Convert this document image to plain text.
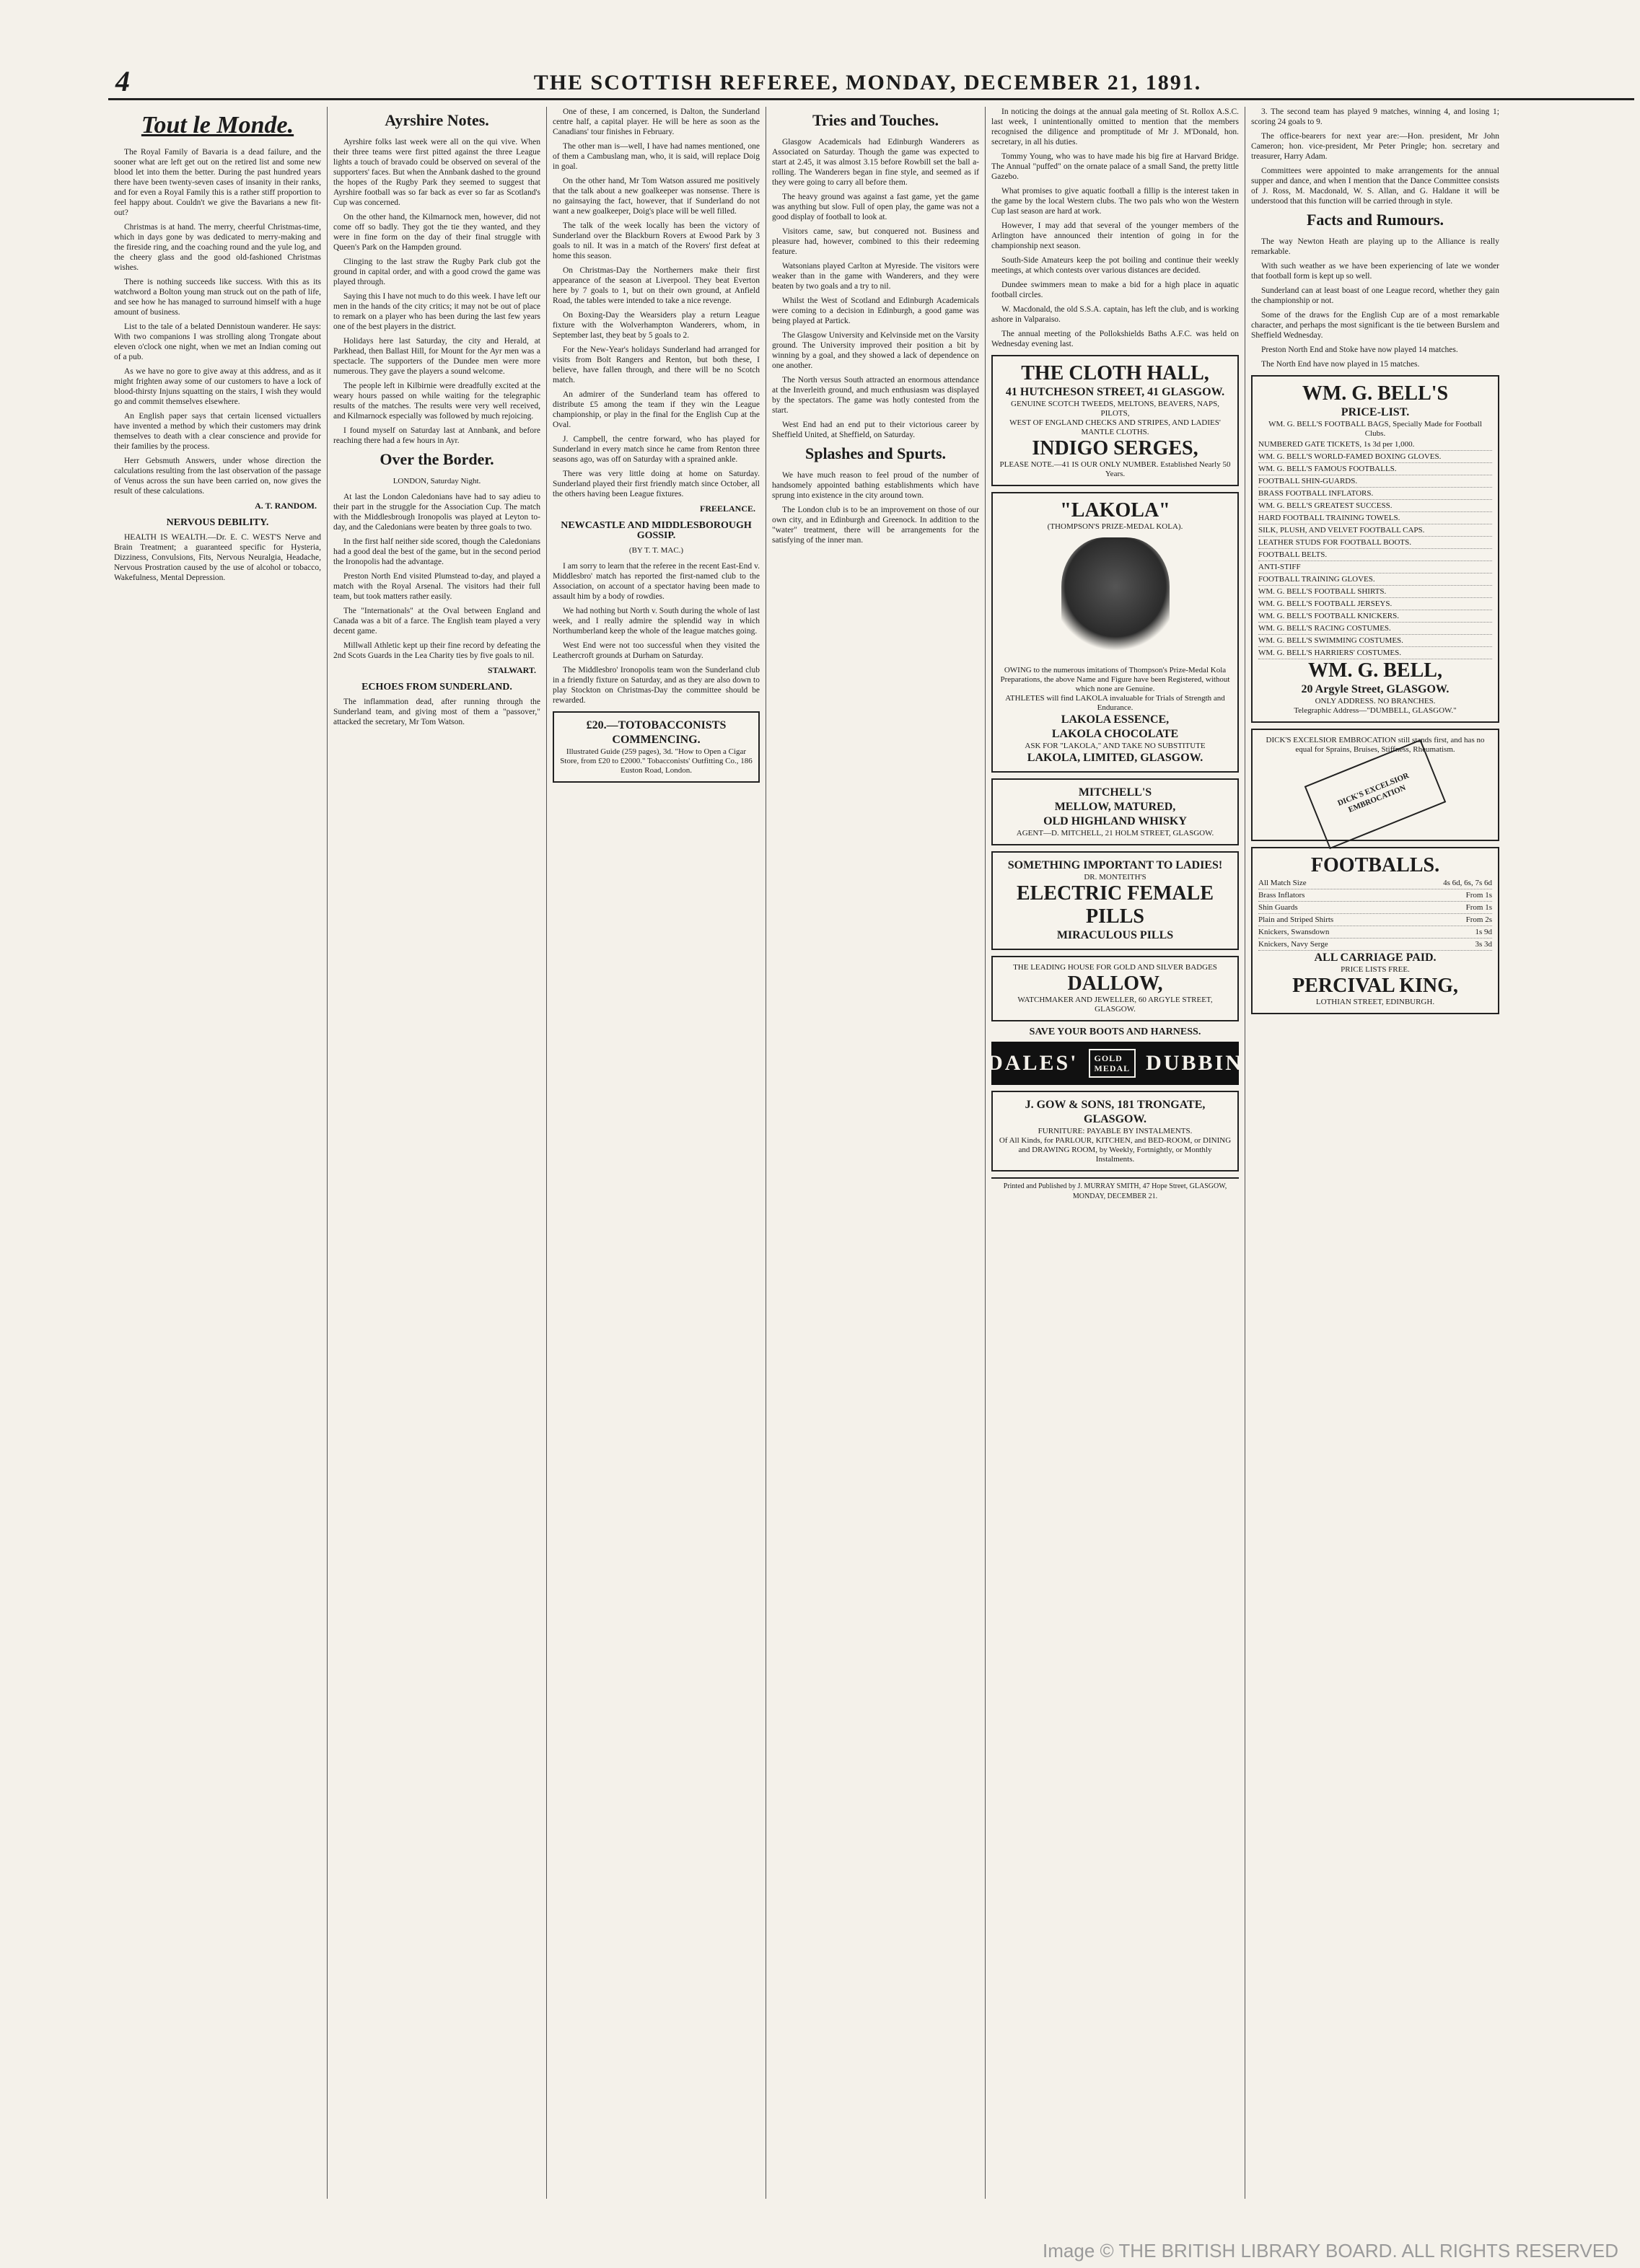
4	THE SCOTTISH REFEREE, MONDAY, DECEMBER 21, 1891.
Tout le Monde.

The Royal Family of Bavaria is a dead failure, and the sooner what are left get out on the retired list and some new blood let into them the better. During the past hundred years there have been twenty-seven cases of insanity in their ranks, and for even a Royal Family this is a rather stiff proportion to feel happy about. Couldn't we give the Bavarians a new fit-out?

Christmas is at hand. The merry, cheerful Christmas-time, which in days gone by was dedicated to merry-making and the fireside ring, and the coaching round and the yule log, and the cheery glass and the good old-fashioned Christmas wishes.

There is nothing succeeds like success. With this as its watchword a Bolton young man struck out on the path of life, and see how he has managed to surround himself with a huge amount of business.

List to the tale of a belated Dennistoun wanderer. He says: With two companions I was strolling along Trongate about eleven o'clock one night, when we met an Indian coming out of a pub.

As we have no gore to give away at this address, and as it might frighten away some of our customers to have a lock of blood-thirsty Injuns squatting on the stairs, I wish they would go and commit themselves elsewhere.

An English paper says that certain licensed victuallers have invented a method by which their customers may drink themselves to death with a clear conscience and provide for their families by the process.

Herr Gebsmuth Answers, under whose direction the calculations resulting from the last observation of the passage of Venus across the sun have been carried on, now gives the result of these calculations.

A. T. RANDOM.
NERVOUS DEBILITY.

HEALTH IS WEALTH.—Dr. E. C. WEST'S Nerve and Brain Treatment; a guaranteed specific for Hysteria, Dizziness, Convulsions, Fits, Nervous Neuralgia, Headache, Nervous Prostration caused by the use of alcohol or tobacco, Wakefulness, Mental Depression.

Ayrshire Notes.

Ayrshire folks last week were all on the qui vive. When their three teams were first pitted against the three League lights a touch of bravado could be observed on several of the supporters' faces. But when the Annbank dashed to the ground the hopes of the Rugby Park they seemed to suggest that Ayrshire football was so far back as ever so far as Scotland's Cup was concerned.

On the other hand, the Kilmarnock men, however, did not come off so badly. They got the tie they wanted, and they were in fine form on the day of their final struggle with Queen's Park on the Hampden ground.

Clinging to the last straw the Rugby Park club got the ground in capital order, and with a good crowd the game was played through.

Saying this I have not much to do this week. I have left our men in the hands of the city critics; it may not be out of place to remark on a player who has been during the last few years one of the best players in the district.

Holidays here last Saturday, the city and Herald, at Parkhead, then Ballast Hill, for Mount for the Ayr men was a spectacle. The supporters of the Dundee men were more numerous. They gave the players a sound welcome.

The people left in Kilbirnie were dreadfully excited at the weary hours passed on while waiting for the telegraphic results of the matches. The results were very well received, and Kilmarnock especially was followed by much rejoicing.

I found myself on Saturday last at Annbank, and before reaching there had a few hours in Ayr.

Over the Border.
LONDON, Saturday Night.

At last the London Caledonians have had to say adieu to their part in the struggle for the Association Cup. The match with the Middlesbrough Ironopolis was played at Leyton to-day, and the Caledonians were beaten by three goals to two.

In the first half neither side scored, though the Caledonians had a good deal the best of the game, but in the second period the Ironopolis had the advantage.

Preston North End visited Plumstead to-day, and played a match with the Royal Arsenal. The visitors had their full team, but took matters rather easily.

The "Internationals" at the Oval between England and Canada was a bit of a farce. The English team played a very decent game.

Millwall Athletic kept up their fine record by defeating the 2nd Scots Guards in the Lea Charity ties by five goals to nil.

STALWART.
ECHOES FROM SUNDERLAND.

The inflammation dead, after running through the Sunderland team, and giving most of them a "passover," attacked the secretary, Mr Tom Watson.

One of these, I am concerned, is Dalton, the Sunderland centre half, a capital player. He will be here as soon as the Canadians' tour finishes in February.

The other man is—well, I have had names mentioned, one of them a Cambuslang man, who, it is said, will replace Doig in goal.

On the other hand, Mr Tom Watson assured me positively that the talk about a new goalkeeper was nonsense. There is no gainsaying the fact, however, that if Sunderland do not want a new goalkeeper, Doig's place will be well filled.

The talk of the week locally has been the victory of Sunderland over the Blackburn Rovers at Ewood Park by 3 goals to nil. It was in a match of the Rovers' first defeat at home this season.

On Christmas-Day the Northerners make their first appearance of the season at Liverpool. They beat Everton here by 7 goals to 1, but on their own ground, at Anfield Road, the tables were intended to take a nice revenge.

On Boxing-Day the Wearsiders play a return League fixture with the Wolverhampton Wanderers, whom, in September last, they beat by 5 goals to 2.

For the New-Year's holidays Sunderland had arranged for visits from Bolt Rangers and Renton, but both these, I believe, have fallen through, and there will be no Scotch match.

An admirer of the Sunderland team has offered to distribute £5 among the team if they win the League championship, or play in the final for the English Cup at the Oval.

J. Campbell, the centre forward, who has played for Sunderland in every match since he came from Renton three seasons ago, was off on Saturday with a sprained ankle.

There was very little doing at home on Saturday. Sunderland played their first friendly match since October, all the others having been League fixtures.

FREELANCE.
NEWCASTLE AND MIDDLESBOROUGH GOSSIP.
(BY T. T. MAC.)

I am sorry to learn that the referee in the recent East-End v. Middlesbro' match has reported the first-named club to the Association, on account of a spectator having been made to assault him by a body of rowdies.

We had nothing but North v. South during the whole of last week, and I really admire the splendid way in which Northumberland keep the whole of the league matches going.

West End were not too successful when they visited the Leathercroft grounds at Durham on Saturday.

The Middlesbro' Ironopolis team won the Sunderland club in a friendly fixture on Saturday, and as they are also down to play Stockton on Christmas-Day the committee should be rewarded.

£20.—TOTOBACCONISTS COMMENCING.
Illustrated Guide (259 pages), 3d. "How to Open a Cigar Store, from £20 to £2000." Tobacconists' Outfitting Co., 186 Euston Road, London.
Tries and Touches.

Glasgow Academicals had Edinburgh Wanderers as Associated on Saturday. Though the game was expected to start at 2.45, it was almost 3.15 before Rowbill set the ball a-rolling. The Wanderers began in fine style, and seemed as if they were going to carry all before them.

The heavy ground was against a fast game, yet the game was anything but slow. Full of open play, the game was not a good display of football to look at.

Visitors came, saw, but conquered not. Business and pleasure had, however, combined to this their redeeming feature.

Watsonians played Carlton at Myreside. The visitors were weaker than in the game with Wanderers, and they were beaten by two goals and a try to nil.

Whilst the West of Scotland and Edinburgh Academicals were coming to a decision in Edinburgh, a good game was being played at Partick.

The Glasgow University and Kelvinside met on the Varsity ground. The University improved their position a bit by winning by a goal, and they showed a lack of dependence on one another.

The North versus South attracted an enormous attendance at the Inverleith ground, and much enthusiasm was displayed by the spectators. The game was hotly contested from the start.

West End had an end put to their victorious career by Sheffield United, at Sheffield, on Saturday.

Splashes and Spurts.

We have much reason to feel proud of the number of handsomely appointed bathing establishments which have sprung into existence in the city around town.

The London club is to be an improvement on those of our own city, and in Edinburgh and Greenock. In addition to the "water" treatment, there will be arrangements for the satisfying of the inner man.

In noticing the doings at the annual gala meeting of St. Rollox A.S.C. last week, I unintentionally omitted to mention that the members recognised the diligence and promptitude of Mr J. M'Donald, hon. secretary, in all his duties.

Tommy Young, who was to have made his big fire at Harvard Bridge. The Annual "puffed" on the ornate palace of a small Sand, the pretty little Gazebo.

What promises to give aquatic football a fillip is the interest taken in the game by the local Western clubs. The two pals who won the Western Cup last season are hard at work.

However, I may add that several of the younger members of the Arlington have announced their intention of going in for the championship next season.

South-Side Amateurs keep the pot boiling and continue their weekly meetings, at which contests over various distances are decided.

Dundee swimmers mean to make a bid for a high place in aquatic football circles.

W. Macdonald, the old S.S.A. captain, has left the club, and is working ashore in Valparaiso.

The annual meeting of the Pollokshields Baths A.F.C. was held on Wednesday evening last.

THE CLOTH HALL,
41 HUTCHESON STREET, 41 GLASGOW.
GENUINE SCOTCH TWEEDS, MELTONS, BEAVERS, NAPS, PILOTS,
WEST OF ENGLAND CHECKS AND STRIPES, AND LADIES' MANTLE CLOTHS.
INDIGO SERGES,
PLEASE NOTE.—41 IS OUR ONLY NUMBER. Established Nearly 50 Years.
"LAKOLA"
(THOMPSON'S PRIZE-MEDAL KOLA).
OWING to the numerous imitations of Thompson's Prize-Medal Kola Preparations, the above Name and Figure have been Registered, without which none are Genuine.
ATHLETES will find LAKOLA invaluable for Trials of Strength and Endurance.
LAKOLA ESSENCE,
LAKOLA CHOCOLATE
ASK FOR "LAKOLA," AND TAKE NO SUBSTITUTE
LAKOLA, LIMITED, GLASGOW.
MITCHELL'S
MELLOW, MATURED,
OLD HIGHLAND WHISKY
AGENT—D. MITCHELL, 21 HOLM STREET, GLASGOW.
SOMETHING IMPORTANT TO LADIES!
DR. MONTEITH'S
ELECTRIC FEMALE PILLS
MIRACULOUS PILLS
THE LEADING HOUSE FOR GOLD AND SILVER BADGES
DALLOW,
WATCHMAKER AND JEWELLER, 60 ARGYLE STREET, GLASGOW.
SAVE YOUR BOOTS AND HARNESS.
DALES'	GOLD MEDAL DUBBIN
J. GOW & SONS, 181 TRONGATE, GLASGOW.
FURNITURE: PAYABLE BY INSTALMENTS.
Of All Kinds, for PARLOUR, KITCHEN, and BED-ROOM, or DINING and DRAWING ROOM, by Weekly, Fortnightly, or Monthly Instalments.
Printed and Published by J. MURRAY SMITH, 47 Hope Street, GLASGOW, MONDAY, DECEMBER 21.

3. The second team has played 9 matches, winning 4, and losing 1; scoring 24 goals to 9.

The office-bearers for next year are:—Hon. president, Mr John Cameron; hon. vice-president, Mr Peter Pringle; hon. secretary and treasurer, Harry Adam.

Committees were appointed to make arrangements for the annual supper and dance, and when I mention that the Dance Committee consists of J. Ross, M. Macdonald, W. S. Allan, and G. Haldane it will be understood that this function will be carried through in style.

Facts and Rumours.

The way Newton Heath are playing up to the Alliance is really remarkable.

With such weather as we have been experiencing of late we wonder that football form is kept up so well.

Sunderland can at least boast of one League record, whether they gain the championship or not.

Some of the draws for the English Cup are of a most remarkable character, and perhaps the most significant is the tie between Burslem and Sheffield Wednesday.

Preston North End and Stoke have now played 14 matches.

The North End have now played in 15 matches.

WM. G. BELL'S
PRICE-LIST.
WM. G. BELL'S FOOTBALL BAGS, Specially Made for Football Clubs.
NUMBERED GATE TICKETS, 1s 3d per 1,000.
WM. G. BELL'S WORLD-FAMED BOXING GLOVES.
WM. G. BELL'S FAMOUS FOOTBALLS.
FOOTBALL SHIN-GUARDS.
BRASS FOOTBALL INFLATORS.
WM. G. BELL'S GREATEST SUCCESS.
HARD FOOTBALL TRAINING TOWELS.
SILK, PLUSH, AND VELVET FOOTBALL CAPS.
LEATHER STUDS FOR FOOTBALL BOOTS.
FOOTBALL BELTS.
ANTI-STIFF
FOOTBALL TRAINING GLOVES.
WM. G. BELL'S FOOTBALL SHIRTS.
WM. G. BELL'S FOOTBALL JERSEYS.
WM. G. BELL'S FOOTBALL KNICKERS.
WM. G. BELL'S RACING COSTUMES.
WM. G. BELL'S SWIMMING COSTUMES.
WM. G. BELL'S HARRIERS' COSTUMES.
WM. G. BELL,
20 Argyle Street, GLASGOW.
ONLY ADDRESS. NO BRANCHES.
Telegraphic Address—"DUMBELL, GLASGOW."
DICK'S EXCELSIOR EMBROCATION still stands first, and has no equal for Sprains, Bruises, Stiffness, Rheumatism.
DICK'S EXCELSIOR EMBROCATION
FOOTBALLS.
All Match Size	4s 6d, 6s, 7s 6d
Brass Inflators	From 1s
Shin Guards	From 1s
Plain and Striped Shirts	From 2s
Knickers, Swansdown	1s 9d
Knickers, Navy Serge	3s 3d
ALL CARRIAGE PAID.
PRICE LISTS FREE.
PERCIVAL KING,
LOTHIAN STREET, EDINBURGH.
Image © THE BRITISH LIBRARY BOARD. ALL RIGHTS RESERVED
